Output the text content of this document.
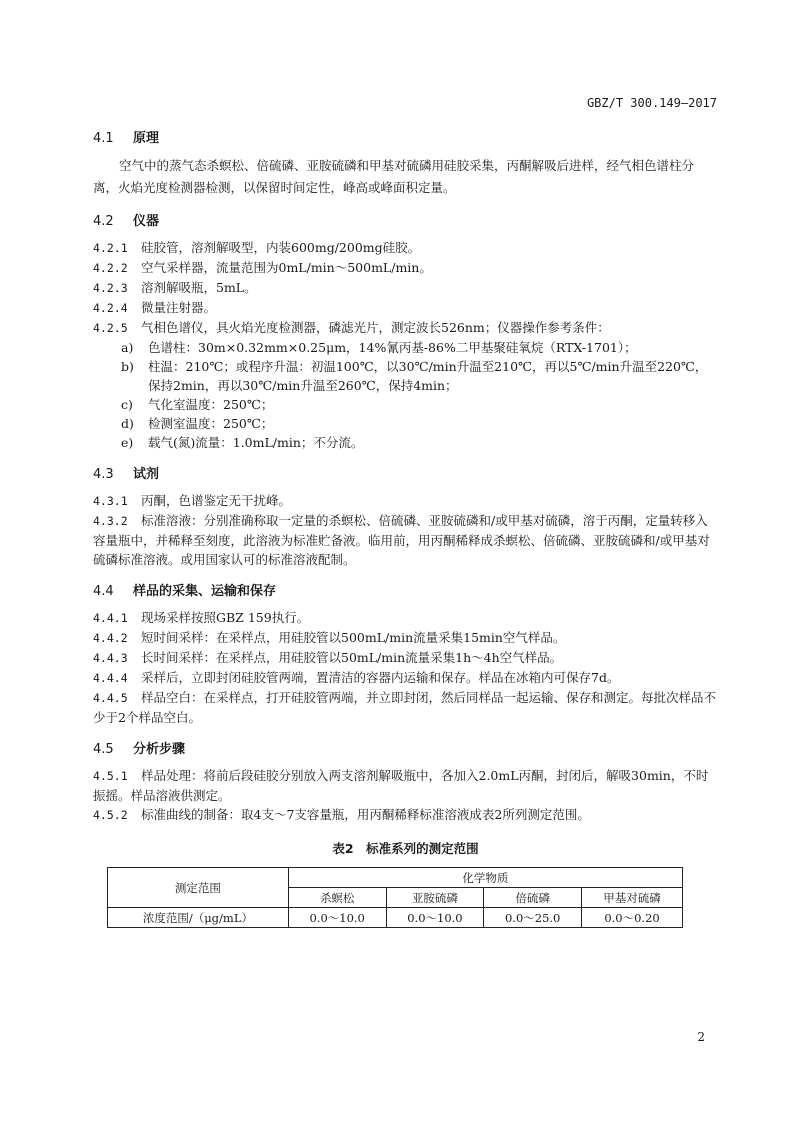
GBZ/T 300.149—2017
4.1 原理

空气中的蒸气态杀螟松、倍硫磷、亚胺硫磷和甲基对硫磷用硅胶采集，丙酮解吸后进样，经气相色谱柱分离，火焰光度检测器检测，以保留时间定性，峰高或峰面积定量。

4.2 仪器

4.2.1 硅胶管，溶剂解吸型，内装600mg/200mg硅胶。

4.2.2 空气采样器，流量范围为0mL/min～500mL/min。

4.2.3 溶剂解吸瓶，5mL。

4.2.4 微量注射器。

4.2.5 气相色谱仪，具火焰光度检测器，磷滤光片，测定波长526nm；仪器操作参考条件：

a) 色谱柱：30m×0.32mm×0.25μm，14%氰丙基-86%二甲基聚硅氧烷（RTX-1701）；

b) 柱温：210℃；或程序升温：初温100℃，以30℃/min升温至210℃，再以5℃/min升温至220℃，保持2min，再以30℃/min升温至260℃，保持4min；

c) 气化室温度：250℃；

d) 检测室温度：250℃；

e) 载气(氮)流量：1.0mL/min；不分流。

4.3 试剂

4.3.1 丙酮，色谱鉴定无干扰峰。

4.3.2 标准溶液：分别准确称取一定量的杀螟松、倍硫磷、亚胺硫磷和/或甲基对硫磷，溶于丙酮，定量转移入容量瓶中，并稀释至刻度，此溶液为标准贮备液。临用前，用丙酮稀释成杀螟松、倍硫磷、亚胺硫磷和/或甲基对硫磷标准溶液。或用国家认可的标准溶液配制。

4.4 样品的采集、运输和保存

4.4.1 现场采样按照GBZ 159执行。

4.4.2 短时间采样：在采样点，用硅胶管以500mL/min流量采集15min空气样品。

4.4.3 长时间采样：在采样点，用硅胶管以50mL/min流量采集1h～4h空气样品。

4.4.4 采样后，立即封闭硅胶管两端，置清洁的容器内运输和保存。样品在冰箱内可保存7d。

4.4.5 样品空白：在采样点，打开硅胶管两端，并立即封闭，然后同样品一起运输、保存和测定。每批次样品不少于2个样品空白。

4.5 分析步骤

4.5.1 样品处理：将前后段硅胶分别放入两支溶剂解吸瓶中，各加入2.0mL丙酮，封闭后，解吸30min，不时振摇。样品溶液供测定。

4.5.2 标准曲线的制备：取4支～7支容量瓶，用丙酮稀释标准溶液成表2所列测定范围。

表2　标准系列的测定范围
测定范围	化学物质			
	杀螟松	亚胺硫磷	倍硫磷	甲基对硫磷
浓度范围/（μg/mL）	0.0～10.0	0.0～10.0	0.0～25.0	0.0～0.20
2
